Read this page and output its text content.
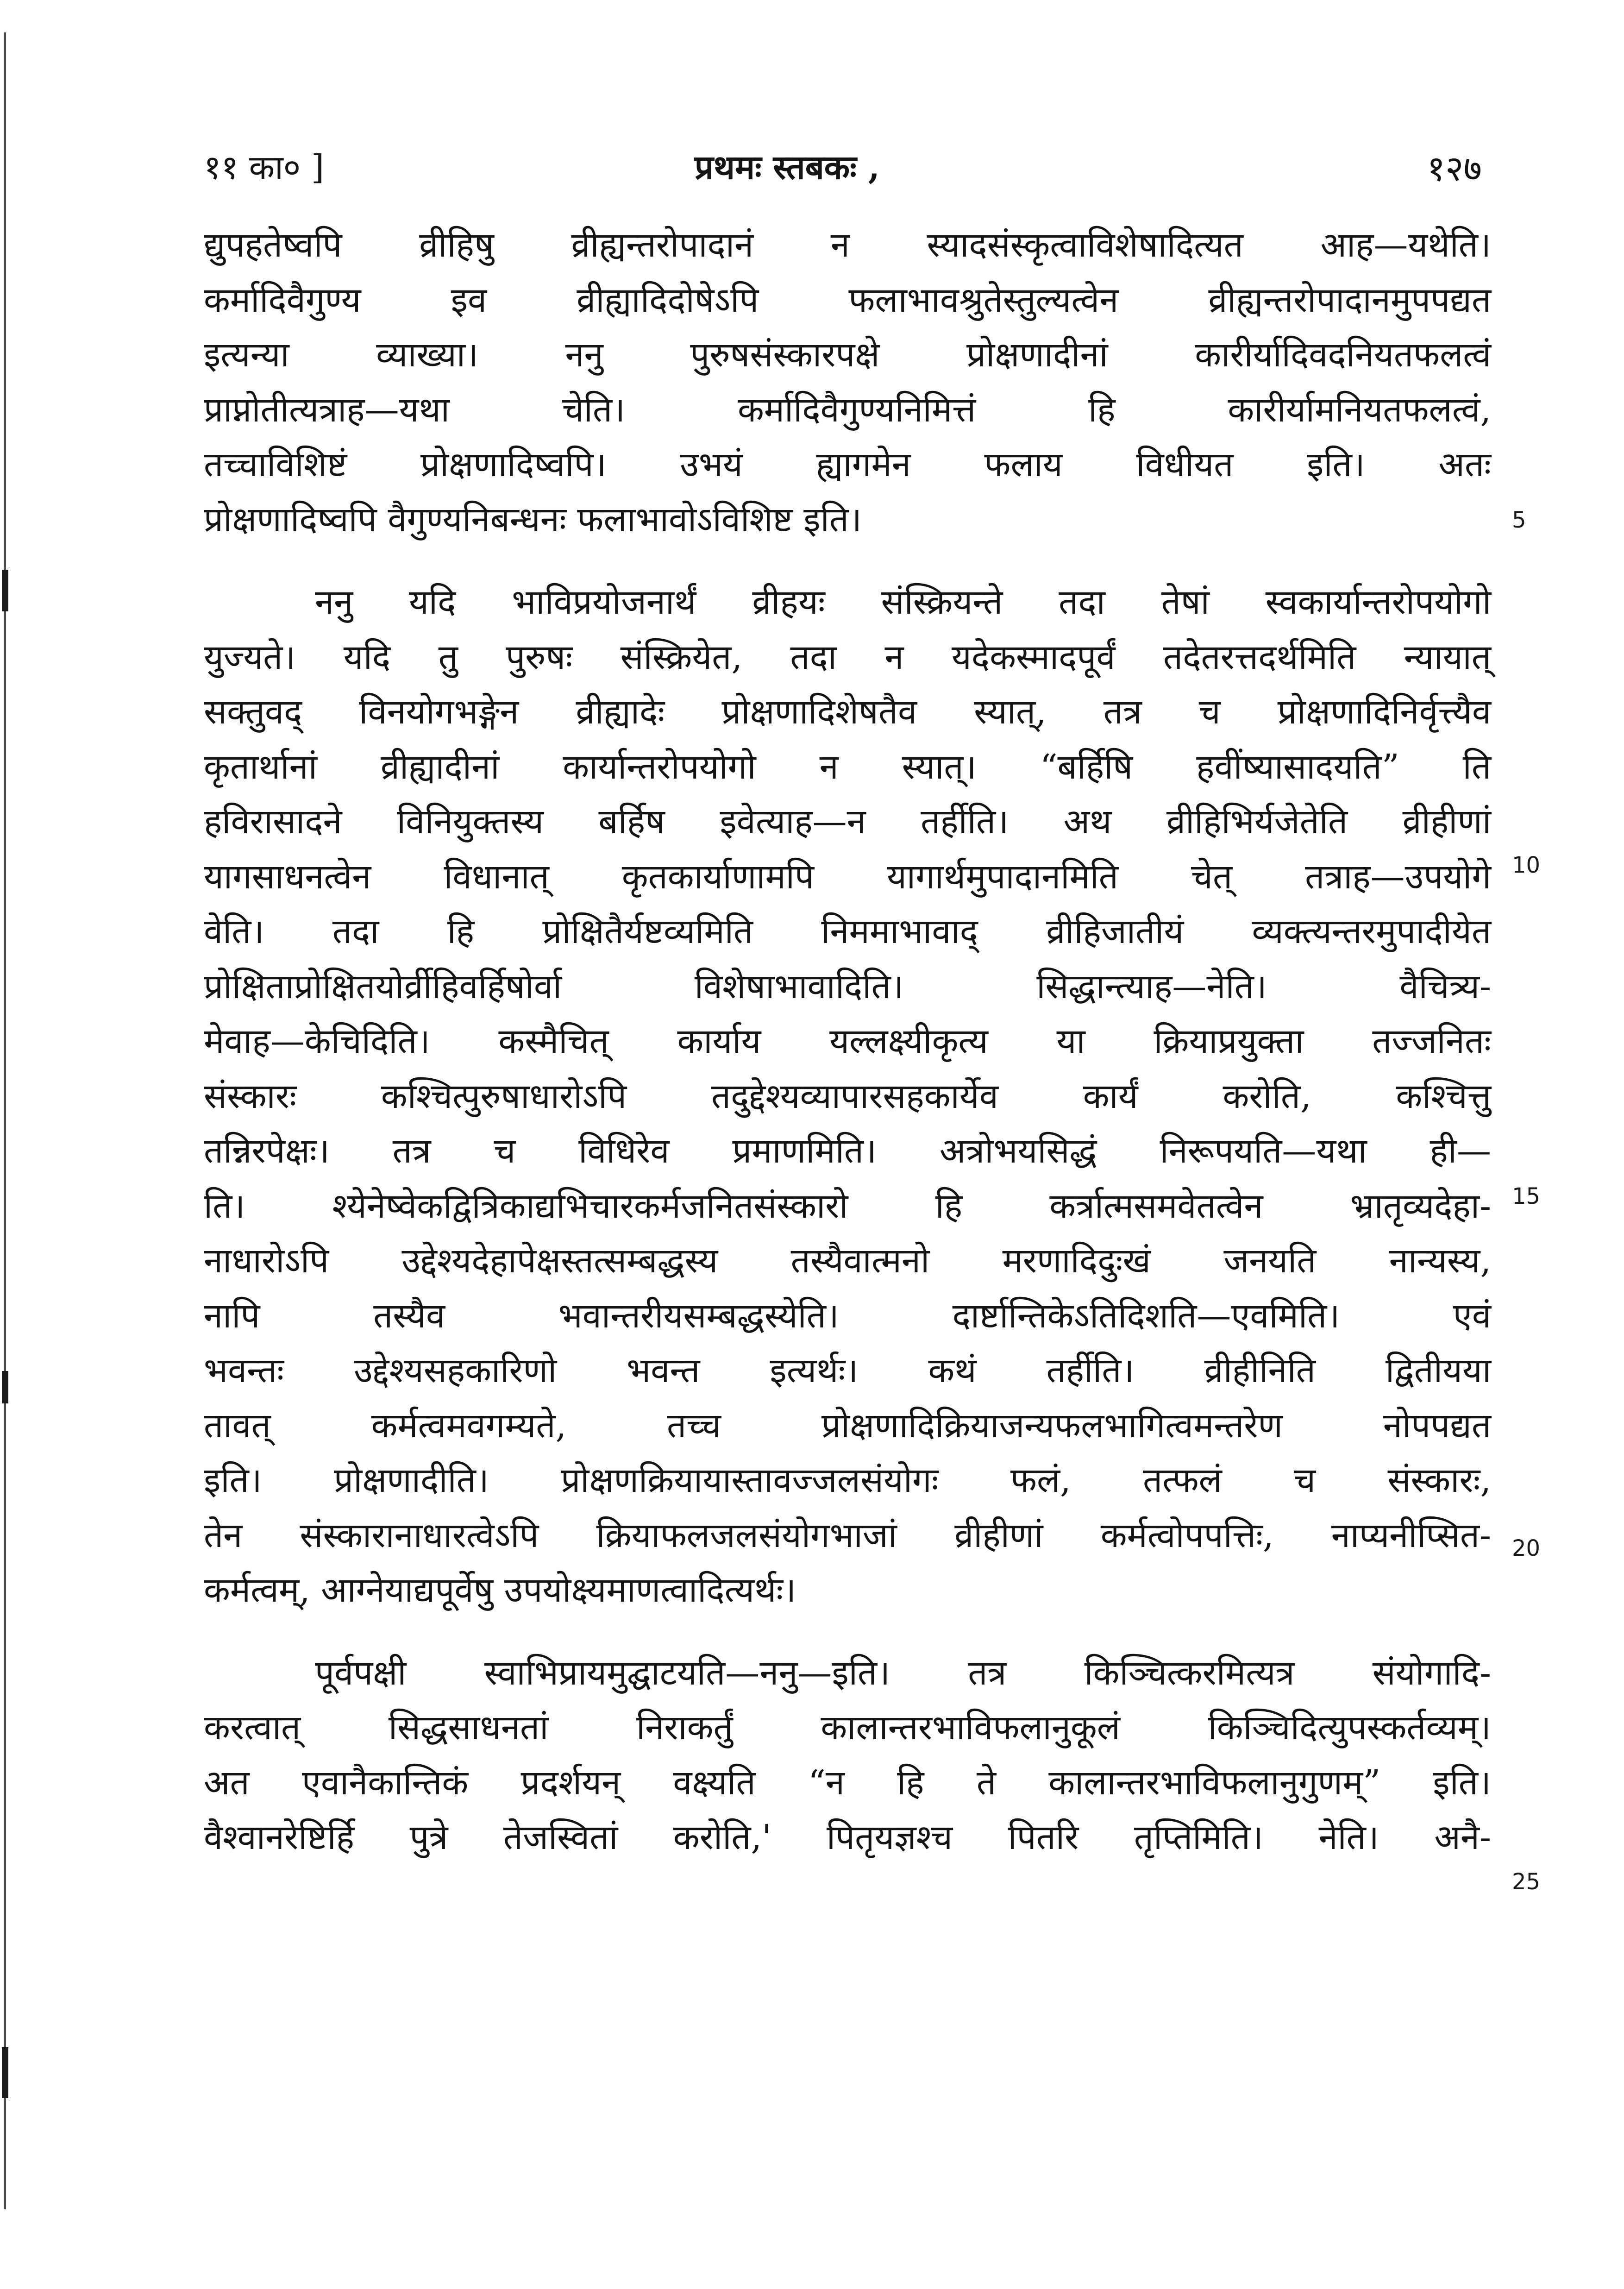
११ का० ]	प्रथमः स्तबकः ,	१२७
द्युपहतेष्वपि व्रीहिषु व्रीह्यन्तरोपादानं न स्यादसंस्कृत्वाविशेषादित्यत आह—यथेति।
कर्मादिवैगुण्य इव व्रीह्यादिदोषेऽपि फलाभावश्रुतेस्तुल्यत्वेन व्रीह्यन्तरोपादानमुपपद्यत
इत्यन्या व्याख्या। ननु पुरुषसंस्कारपक्षे प्रोक्षणादीनां कारीर्यादिवदनियतफलत्वं
प्राप्नोतीत्यत्राह—यथा चेति। कर्मादिवैगुण्यनिमित्तं हि कारीर्यामनियतफलत्वं,
तच्चाविशिष्टं प्रोक्षणादिष्वपि। उभयं ह्यागमेन फलाय विधीयत इति। अतः
प्रोक्षणादिष्वपि वैगुण्यनिबन्धनः फलाभावोऽविशिष्ट इति।
ननु यदि भाविप्रयोजनार्थं व्रीहयः संस्क्रियन्ते तदा तेषां स्वकार्यान्तरोपयोगो
युज्यते। यदि तु पुरुषः संस्क्रियेत, तदा न यदेकस्मादपूर्वं तदेतरत्तदर्थमिति न्यायात्
सक्तुवद् विनयोगभङ्गेन व्रीह्यादेः प्रोक्षणादिशेषतैव स्यात्, तत्र च प्रोक्षणादिनिर्वृत्त्यैव
कृतार्थानां व्रीह्यादीनां कार्यान्तरोपयोगो न स्यात्। “बर्हिषि हवींष्यासादयति” ति
हविरासादने विनियुक्तस्य बर्हिष इवेत्याह—न तर्हीति। अथ व्रीहिभिर्यजेतेति व्रीहीणां
यागसाधनत्वेन विधानात् कृतकार्याणामपि यागार्थमुपादानमिति चेत् तत्राह—उपयोगे
वेति। तदा हि प्रोक्षितैर्यष्टव्यमिति निममाभावाद् व्रीहिजातीयं व्यक्त्यन्तरमुपादीयेत
प्रोक्षिताप्रोक्षितयोर्व्रीहिवर्हिषोर्वा विशेषाभावादिति। सिद्धान्त्याह—नेति। वैचित्र्य-
मेवाह—केचिदिति। कस्मैचित् कार्याय यल्लक्ष्यीकृत्य या क्रियाप्रयुक्ता तज्जनितः
संस्कारः कश्चित्पुरुषाधारोऽपि तदुद्देश्यव्यापारसहकार्येव कार्यं करोति, कश्चित्तु
तन्निरपेक्षः। तत्र च विधिरेव प्रमाणमिति। अत्रोभयसिद्धं निरूपयति—यथा ही—
ति। श्येनेष्वेकद्वित्रिकाद्यभिचारकर्मजनितसंस्कारो हि कर्त्रात्मसमवेतत्वेन भ्रातृव्यदेहा-
नाधारोऽपि उद्देश्यदेहापेक्षस्तत्सम्बद्धस्य तस्यैवात्मनो मरणादिदुःखं जनयति नान्यस्य,
नापि तस्यैव भवान्तरीयसम्बद्धस्येति। दार्ष्टान्तिकेऽतिदिशति—एवमिति। एवं
भवन्तः उद्देश्यसहकारिणो भवन्त इत्यर्थः। कथं तर्हीति। व्रीहीनिति द्वितीयया
तावत् कर्मत्वमवगम्यते, तच्च प्रोक्षणादिक्रियाजन्यफलभागित्वमन्तरेण नोपपद्यत
इति। प्रोक्षणादीति। प्रोक्षणक्रियायास्तावज्जलसंयोगः फलं, तत्फलं च संस्कारः,
तेन संस्कारानाधारत्वेऽपि क्रियाफलजलसंयोगभाजां व्रीहीणां कर्मत्वोपपत्तिः, नाप्यनीप्सित-
कर्मत्वम्, आग्नेयाद्यपूर्वेषु उपयोक्ष्यमाणत्वादित्यर्थः।
पूर्वपक्षी स्वाभिप्रायमुद्घाटयति—ननु—इति। तत्र किञ्चित्करमित्यत्र संयोगादि-
करत्वात् सिद्धसाधनतां निराकर्तुं कालान्तरभाविफलानुकूलं किञ्चिदित्युपस्कर्तव्यम्।
अत एवानैकान्तिकं प्रदर्शयन् वक्ष्यति “न हि ते कालान्तरभाविफलानुगुणम्” इति।
वैश्वानरेष्टिर्हि पुत्रे तेजस्वितां करोति,' पितृयज्ञश्च पितरि तृप्तिमिति। नेति। अनै-
5
10
15
20
25
